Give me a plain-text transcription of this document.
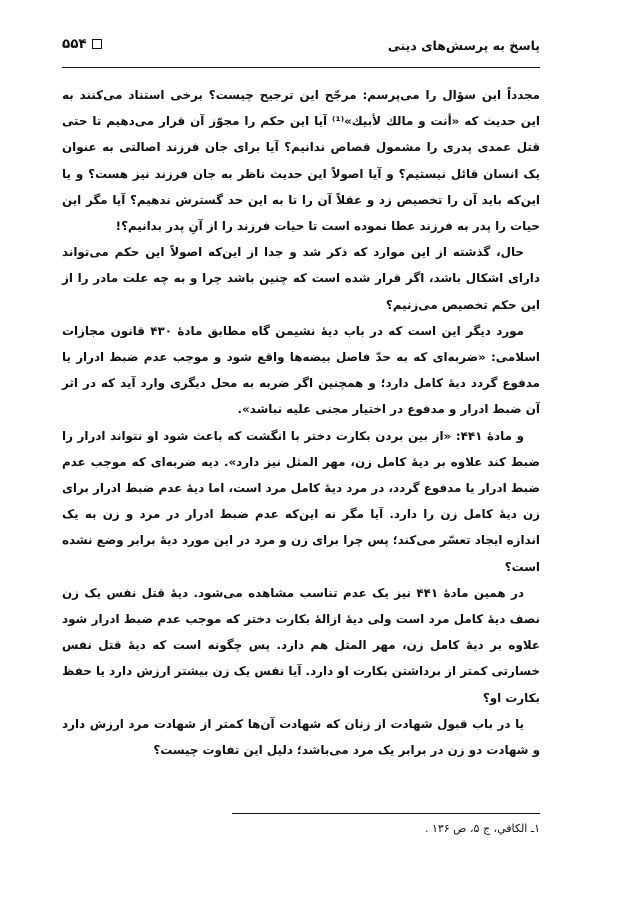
پاسخ به پرسش‌های دینی
۵۵۴

مجدداً این سؤال را می‌پرسم: مرجّح این ترجیح چیست؟ برخی استناد می‌کنند به این حدیث که «أنت و مالك لأبيك»⁽¹⁾ آیا این حکم را مجوّز آن قرار می‌دهیم تا حتی قتل عمدی پدری را مشمول قصاص ندانیم؟ آیا برای جان فرزند اصالتی به عنوان یک انسان قائل نیستیم؟ و آیا اصولاً این حدیث ناظر به جان فرزند نیز هست؟ و یا این‌که باید آن را تخصیص زد و عقلاً آن را تا به این حد گسترش ندهیم؟ آیا مگر این حیات را پدر به فرزند عطا نموده است تا حیات فرزند را از آنِ پدر بدانیم؟!

حال، گذشته از این موارد که ذکر شد و جدا از این‌که اصولاً این حکم می‌تواند دارای اشکال باشد، اگر قرار شده است که چنین باشد چرا و به چه علت مادر را از این حکم تخصیص می‌زنیم؟

مورد دیگر این است که در باب دیهٔ نشیمن گاه مطابق مادهٔ ۴۳۰ قانون مجازات اسلامی: «ضربه‌ای که به حدّ فاصل بیضه‌ها واقع شود و موجب عدم ضبط ادرار یا مدفوع گردد دیهٔ کامل دارد؛ و همچنین اگر ضربه به محل دیگری وارد آید که در اثر آن ضبط ادرار و مدفوع در اختیار مجنی علیه نباشد».

و مادهٔ ۴۴۱: «از بین بردن بکارت دختر با انگشت که باعث شود او نتواند ادرار را ضبط کند علاوه بر دیهٔ کامل زن، مهر المثل نیز دارد». دیه ضربه‌ای که موجب عدم ضبط ادرار یا مدفوع گردد، در مرد دیهٔ کامل مرد است، اما دیهٔ عدم ضبط ادرار برای زن دیهٔ کامل زن را دارد. آیا مگر نه این‌که عدم ضبط ادرار در مرد و زن به یک اندازه ایجاد تعسّر می‌کند؛ پس چرا برای زن و مرد در این مورد دیهٔ برابر وضع نشده است؟

در همین مادهٔ ۴۴۱ نیز یک عدم تناسب مشاهده می‌شود. دیهٔ قتل نفس یک زن نصف دیهٔ کامل مرد است ولی دیهٔ ازالهٔ بکارت دختر که موجب عدم ضبط ادرار شود علاوه بر دیهٔ کامل زن، مهر المثل هم دارد. پس چگونه است که دیهٔ قتل نفس خسارتی کمتر از برداشتن بکارت او دارد. آیا نفس یک زن بیشتر ارزش دارد یا حفظ بکارت او؟

یا در باب قبول شهادت از زنان که شهادت آن‌ها کمتر از شهادت مرد ارزش دارد و شهادت دو زن در برابر یک مرد می‌باشد؛ دلیل این تفاوت چیست؟

۱ـ الكافي، ج ۵، ص ۱۳۶ .
